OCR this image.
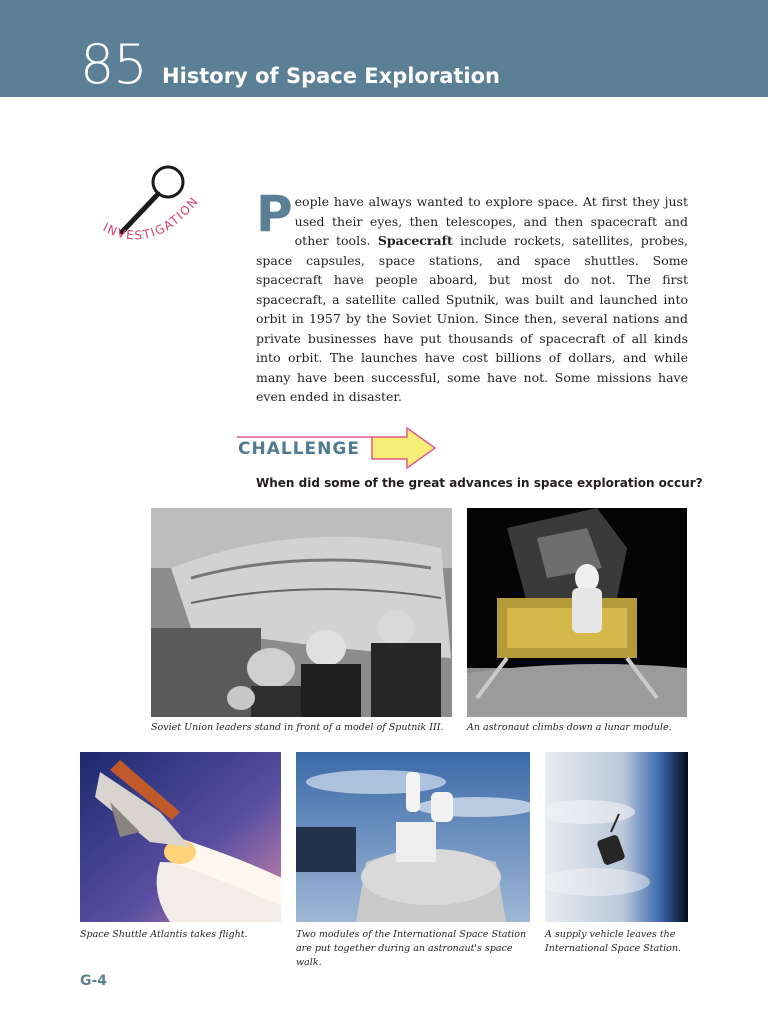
85 History of Space Exploration
INVESTIGATION People have always wanted to explore space. At first they just used their eyes, then telescopes, and then spacecraft and other tools. Spacecraft include rockets, satellites, probes, space capsules, space stations, and space shuttles. Some spacecraft have people aboard, but most do not. The first spacecraft, a satellite called Sputnik, was built and launched into orbit in 1957 by the Soviet Union. Since then, several nations and private businesses have put thousands of spacecraft of all kinds into orbit. The launches have cost billions of dollars, and while many have been successful, some have not. Some missions have even ended in disaster.
CHALLENGE
When did some of the great advances in space exploration occur?
Soviet Union leaders stand in front of a model of Sputnik III.	An astronaut climbs down a lunar module.
Space Shuttle Atlantis takes flight.	Two modules of the International Space Station are put together during an astronaut's space walk.
A supply vehicle leaves the International Space Station.
G-4
